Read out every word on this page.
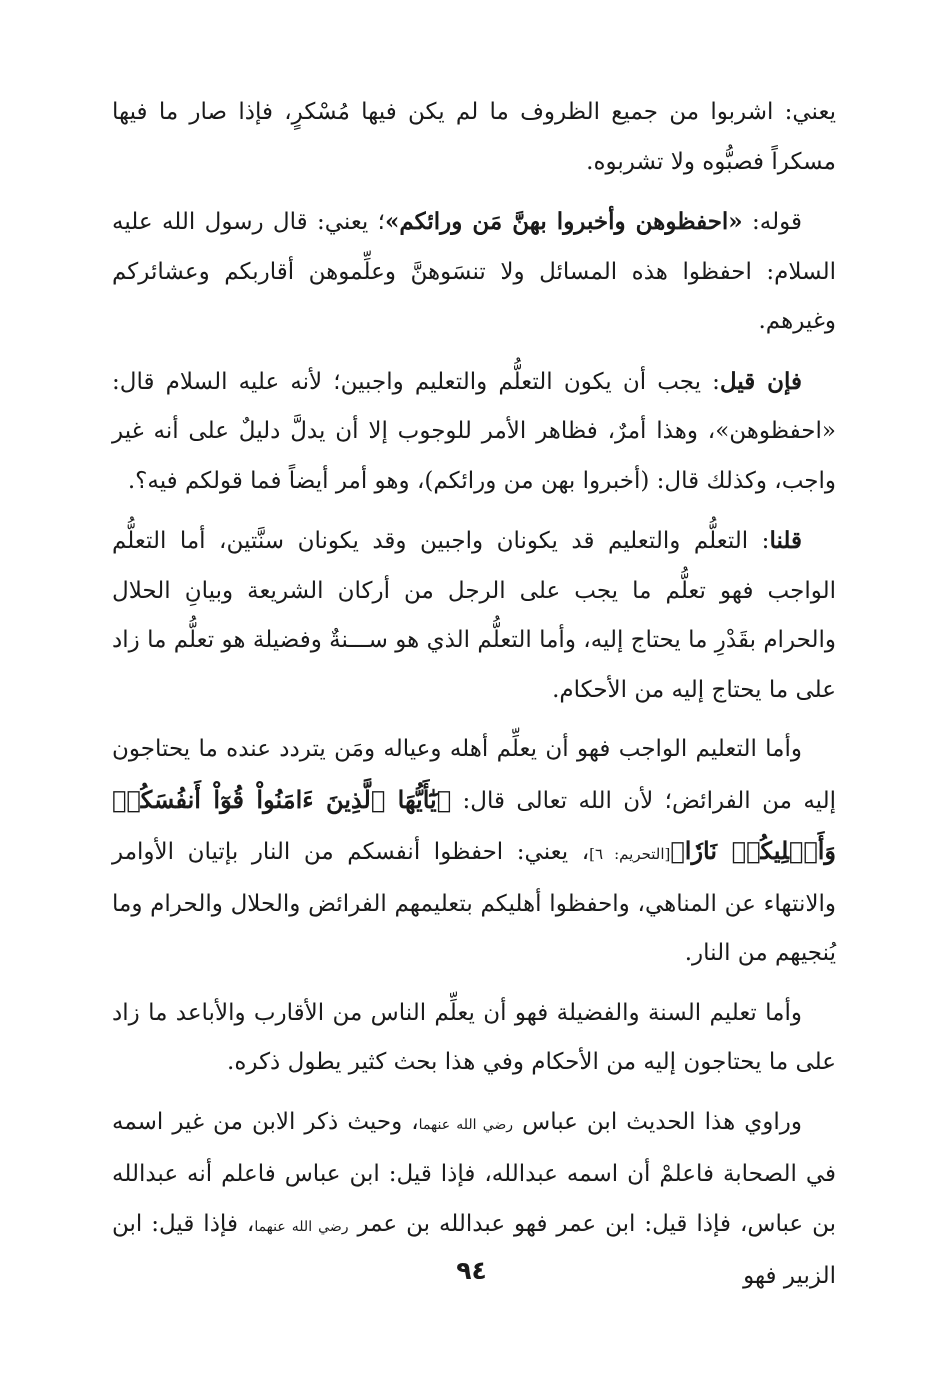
يعني: اشربوا من جميع الظروف ما لم يكن فيها مُسْكرٍ، فإذا صار ما فيها مسكراً فصبُّوه ولا تشربوه.

قوله: «احفظوهن وأخبروا بهنَّ مَن ورائكم»؛ يعني: قال رسول الله عليه السلام: احفظوا هذه المسائل ولا تنسَوهنَّ وعلِّموهن أقاربكم وعشائركم وغيرهم.

فإن قيل: يجب أن يكون التعلُّم والتعليم واجبين؛ لأنه عليه السلام قال: «احفظوهن»، وهذا أمرٌ، فظاهر الأمر للوجوب إلا أن يدلَّ دليلٌ على أنه غير واجب، وكذلك قال: (أخبروا بهن من ورائكم)، وهو أمر أيضاً فما قولكم فيه؟.

قلنا: التعلُّم والتعليم قد يكونان واجبين وقد يكونان سنَّتين، أما التعلُّم الواجب فهو تعلُّم ما يجب على الرجل من أركان الشريعة وبيانِ الحلال والحرام بقَدْرِ ما يحتاج إليه، وأما التعلُّم الذي هو ســـنةٌ وفضيلة هو تعلُّم ما زاد على ما يحتاج إليه من الأحكام.

وأما التعليم الواجب فهو أن يعلِّم أهله وعياله ومَن يتردد عنده ما يحتاجون إليه من الفرائض؛ لأن الله تعالى قال: ﴿يَٰٓأَيُّهَا ٱلَّذِينَ ءَامَنُواْ قُوٓاْ أَنفُسَكُمۡ وَأَهۡلِيكُمۡ نَارٗا﴾[التحريم: ٦]، يعني: احفظوا أنفسكم من النار بإتيان الأوامر والانتهاء عن المناهي، واحفظوا أهليكم بتعليمهم الفرائض والحلال والحرام وما يُنجيهم من النار.

وأما تعليم السنة والفضيلة فهو أن يعلِّم الناس من الأقارب والأباعد ما زاد على ما يحتاجون إليه من الأحكام وفي هذا بحث كثير يطول ذكره.

وراوي هذا الحديث ابن عباس رضي الله عنهما، وحيث ذكر الابن من غير اسمه في الصحابة فاعلمْ أن اسمه عبدالله، فإذا قيل: ابن عباس فاعلم أنه عبدالله بن عباس، فإذا قيل: ابن عمر فهو عبدالله بن عمر رضي الله عنهما، فإذا قيل: ابن الزبير فهو

٩٤
